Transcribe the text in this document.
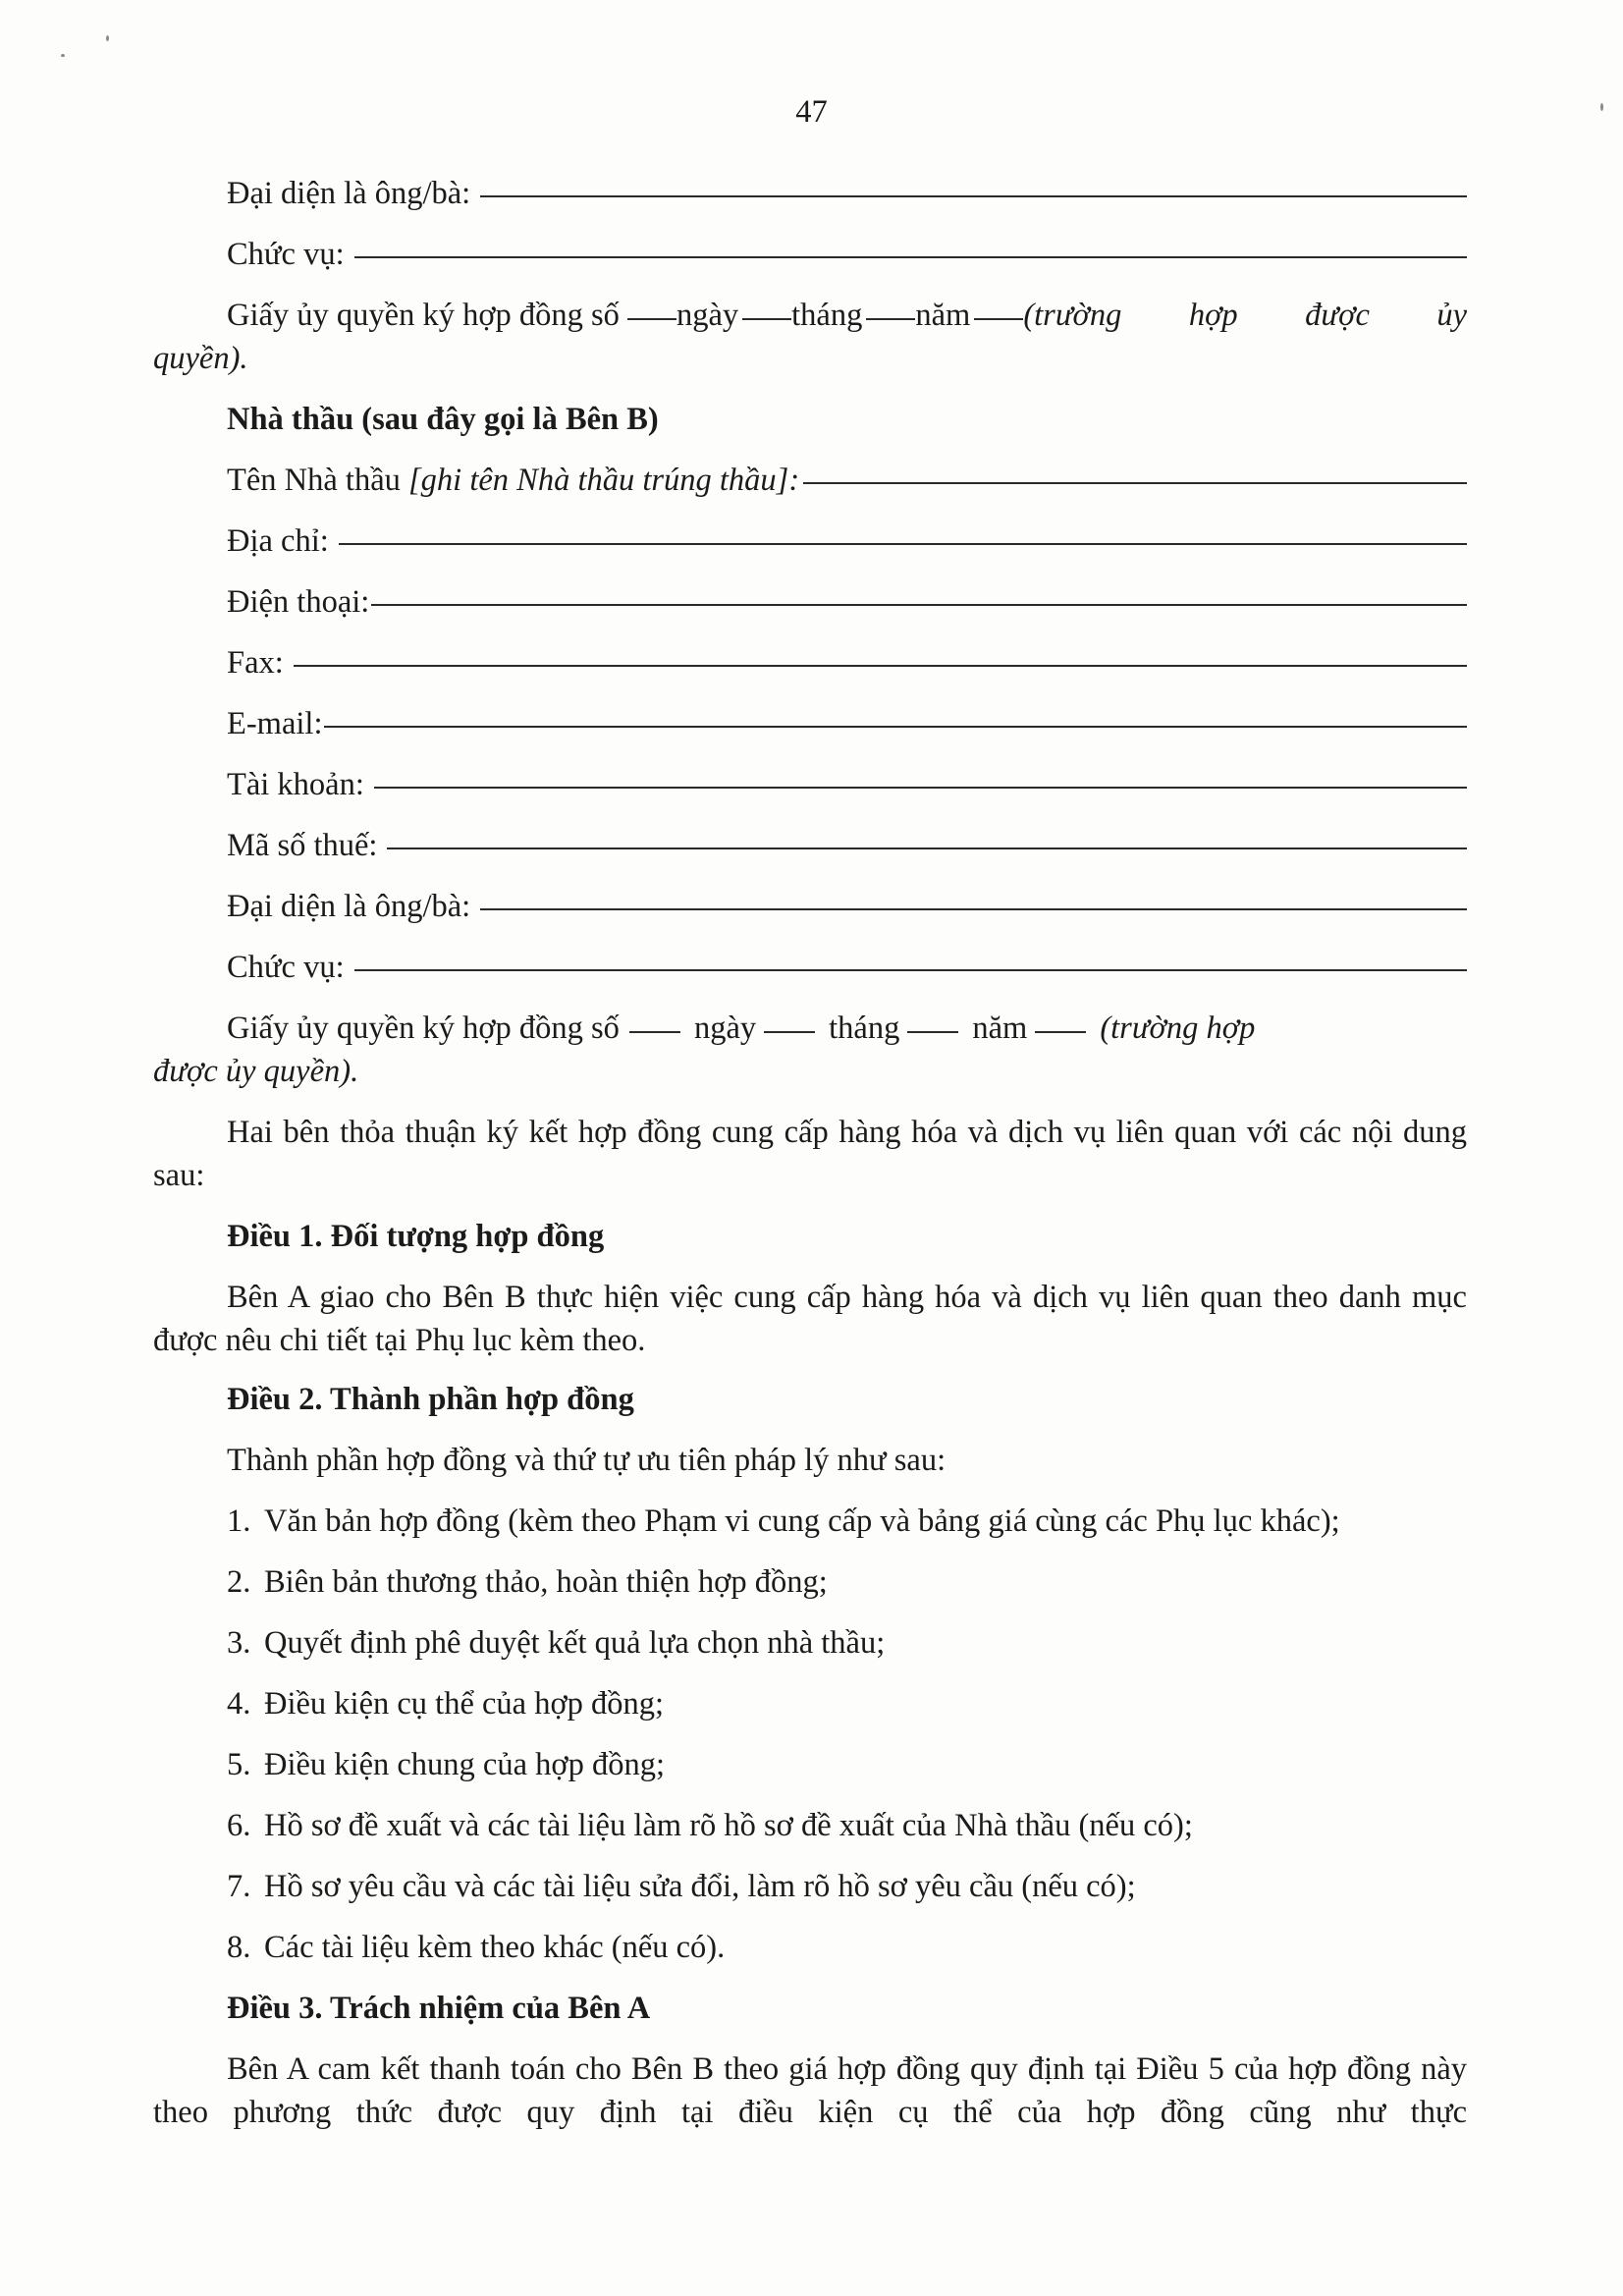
47
Đại diện là ông/bà:
Chức vụ:
Giấy ủy quyền ký hợp đồng số ngày tháng năm (trường hợp được ủy
quyền).
Nhà thầu (sau đây gọi là Bên B)
Tên Nhà thầu [ghi tên Nhà thầu trúng thầu]:
Địa chỉ:
Điện thoại:
Fax:
E-mail:
Tài khoản:
Mã số thuế:
Đại diện là ông/bà:
Chức vụ:
Giấy ủy quyền ký hợp đồng số ngày tháng năm (trường hợp
được ủy quyền).

Hai bên thỏa thuận ký kết hợp đồng cung cấp hàng hóa và dịch vụ liên quan với các nội dung sau:

Điều 1. Đối tượng hợp đồng

Bên A giao cho Bên B thực hiện việc cung cấp hàng hóa và dịch vụ liên quan theo danh mục được nêu chi tiết tại Phụ lục kèm theo.

Điều 2. Thành phần hợp đồng
Thành phần hợp đồng và thứ tự ưu tiên pháp lý như sau:
1. Văn bản hợp đồng (kèm theo Phạm vi cung cấp và bảng giá cùng các Phụ lục khác);
2. Biên bản thương thảo, hoàn thiện hợp đồng;
3. Quyết định phê duyệt kết quả lựa chọn nhà thầu;
4. Điều kiện cụ thể của hợp đồng;
5. Điều kiện chung của hợp đồng;
6. Hồ sơ đề xuất và các tài liệu làm rõ hồ sơ đề xuất của Nhà thầu (nếu có);
7. Hồ sơ yêu cầu và các tài liệu sửa đổi, làm rõ hồ sơ yêu cầu (nếu có);
8. Các tài liệu kèm theo khác (nếu có).
Điều 3. Trách nhiệm của Bên A

Bên A cam kết thanh toán cho Bên B theo giá hợp đồng quy định tại Điều 5 của hợp đồng này theo phương thức được quy định tại điều kiện cụ thể của hợp đồng cũng như thực
